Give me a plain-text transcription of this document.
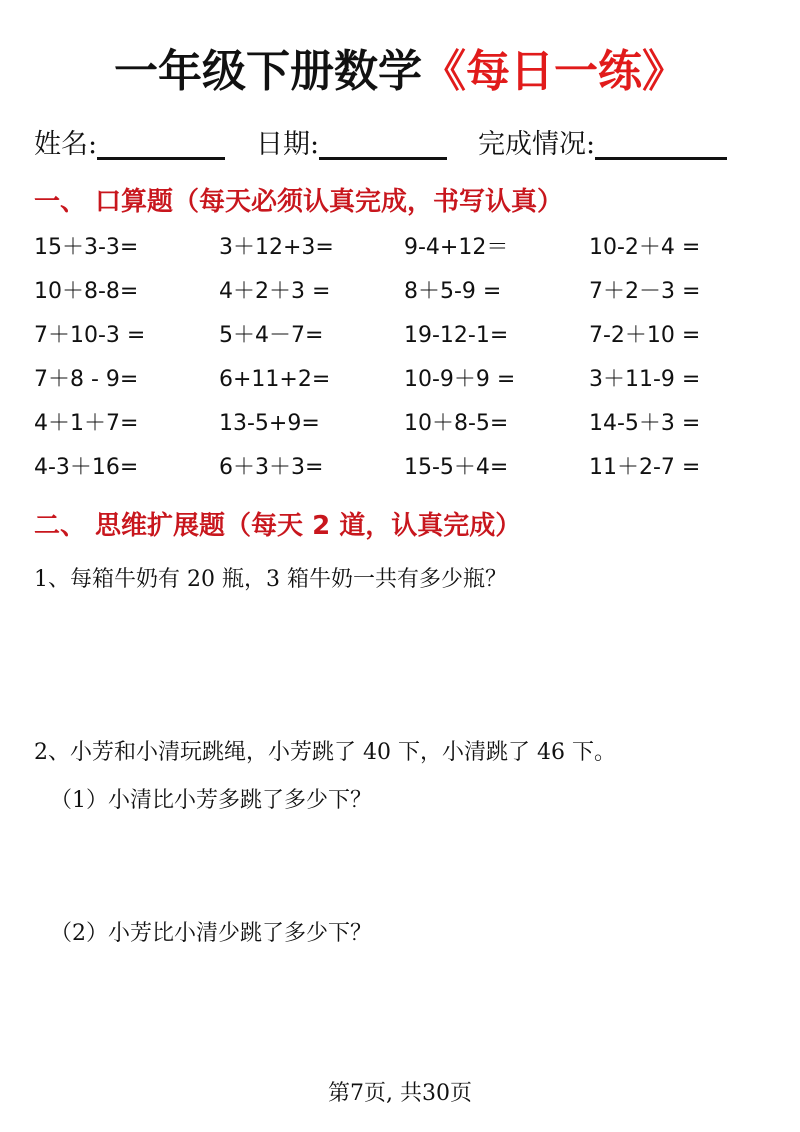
一年级下册数学《每日一练》
姓名:	日期:	完成情况:
一、 口算题（每天必须认真完成，书写认真）
15＋3-3=	3＋12+3=	9-4+12＝	10-2＋4 =
10＋8-8=	4＋2＋3 =	8＋5-9 =	7＋2－3 =
7＋10-3 =	5＋4－7=	19-12-1=	7-2＋10 =
7＋8 - 9=	6+11+2=	10-9＋9 =	3＋11-9 =
4＋1＋7=	13-5+9=	10＋8-5=	14-5＋3 =
4-3＋16=	6＋3＋3=	15-5＋4=	11＋2-7 =
二、 思维扩展题（每天 2 道，认真完成）
1、每箱牛奶有 20 瓶，3 箱牛奶一共有多少瓶？
2、小芳和小清玩跳绳，小芳跳了 40 下，小清跳了 46 下。
（1）小清比小芳多跳了多少下？
（2）小芳比小清少跳了多少下？
第7页, 共30页
